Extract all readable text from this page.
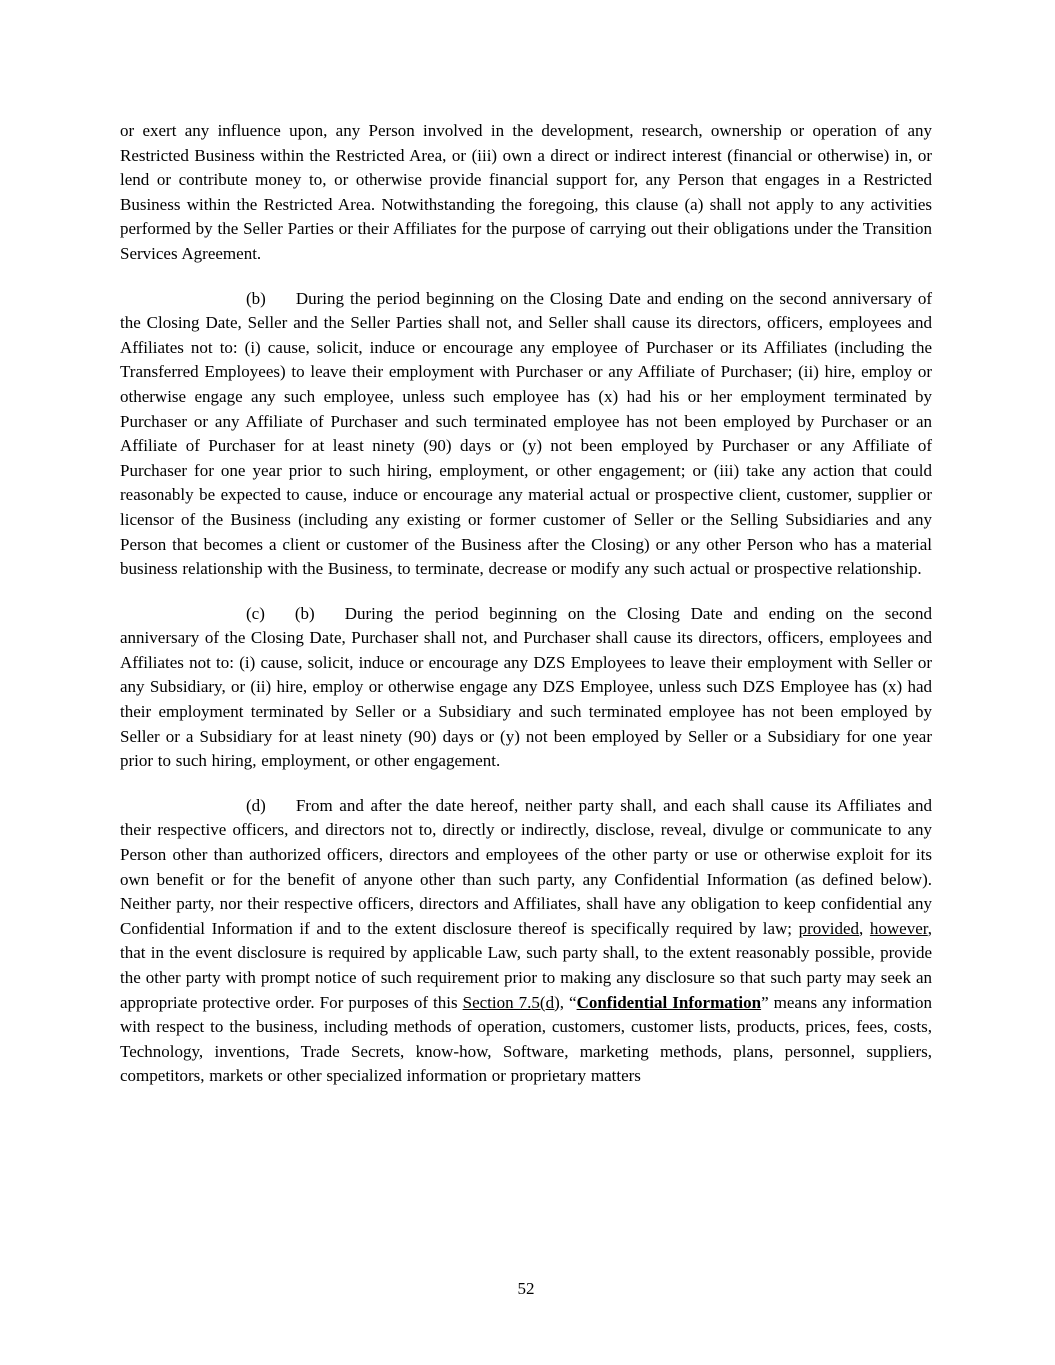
or exert any influence upon, any Person involved in the development, research, ownership or operation of any Restricted Business within the Restricted Area, or (iii) own a direct or indirect interest (financial or otherwise) in, or lend or contribute money to, or otherwise provide financial support for, any Person that engages in a Restricted Business within the Restricted Area. Notwithstanding the foregoing, this clause (a) shall not apply to any activities performed by the Seller Parties or their Affiliates for the purpose of carrying out their obligations under the Transition Services Agreement.
(b) During the period beginning on the Closing Date and ending on the second anniversary of the Closing Date, Seller and the Seller Parties shall not, and Seller shall cause its directors, officers, employees and Affiliates not to: (i) cause, solicit, induce or encourage any employee of Purchaser or its Affiliates (including the Transferred Employees) to leave their employment with Purchaser or any Affiliate of Purchaser; (ii) hire, employ or otherwise engage any such employee, unless such employee has (x) had his or her employment terminated by Purchaser or any Affiliate of Purchaser and such terminated employee has not been employed by Purchaser or an Affiliate of Purchaser for at least ninety (90) days or (y) not been employed by Purchaser or any Affiliate of Purchaser for one year prior to such hiring, employment, or other engagement; or (iii) take any action that could reasonably be expected to cause, induce or encourage any material actual or prospective client, customer, supplier or licensor of the Business (including any existing or former customer of Seller or the Selling Subsidiaries and any Person that becomes a client or customer of the Business after the Closing) or any other Person who has a material business relationship with the Business, to terminate, decrease or modify any such actual or prospective relationship.
(c) (b) During the period beginning on the Closing Date and ending on the second anniversary of the Closing Date, Purchaser shall not, and Purchaser shall cause its directors, officers, employees and Affiliates not to: (i) cause, solicit, induce or encourage any DZS Employees to leave their employment with Seller or any Subsidiary, or (ii) hire, employ or otherwise engage any DZS Employee, unless such DZS Employee has (x) had their employment terminated by Seller or a Subsidiary and such terminated employee has not been employed by Seller or a Subsidiary for at least ninety (90) days or (y) not been employed by Seller or a Subsidiary for one year prior to such hiring, employment, or other engagement.
(d) From and after the date hereof, neither party shall, and each shall cause its Affiliates and their respective officers, and directors not to, directly or indirectly, disclose, reveal, divulge or communicate to any Person other than authorized officers, directors and employees of the other party or use or otherwise exploit for its own benefit or for the benefit of anyone other than such party, any Confidential Information (as defined below). Neither party, nor their respective officers, directors and Affiliates, shall have any obligation to keep confidential any Confidential Information if and to the extent disclosure thereof is specifically required by law; provided, however, that in the event disclosure is required by applicable Law, such party shall, to the extent reasonably possible, provide the other party with prompt notice of such requirement prior to making any disclosure so that such party may seek an appropriate protective order. For purposes of this Section 7.5(d), “Confidential Information” means any information with respect to the business, including methods of operation, customers, customer lists, products, prices, fees, costs, Technology, inventions, Trade Secrets, know-how, Software, marketing methods, plans, personnel, suppliers, competitors, markets or other specialized information or proprietary matters
52
